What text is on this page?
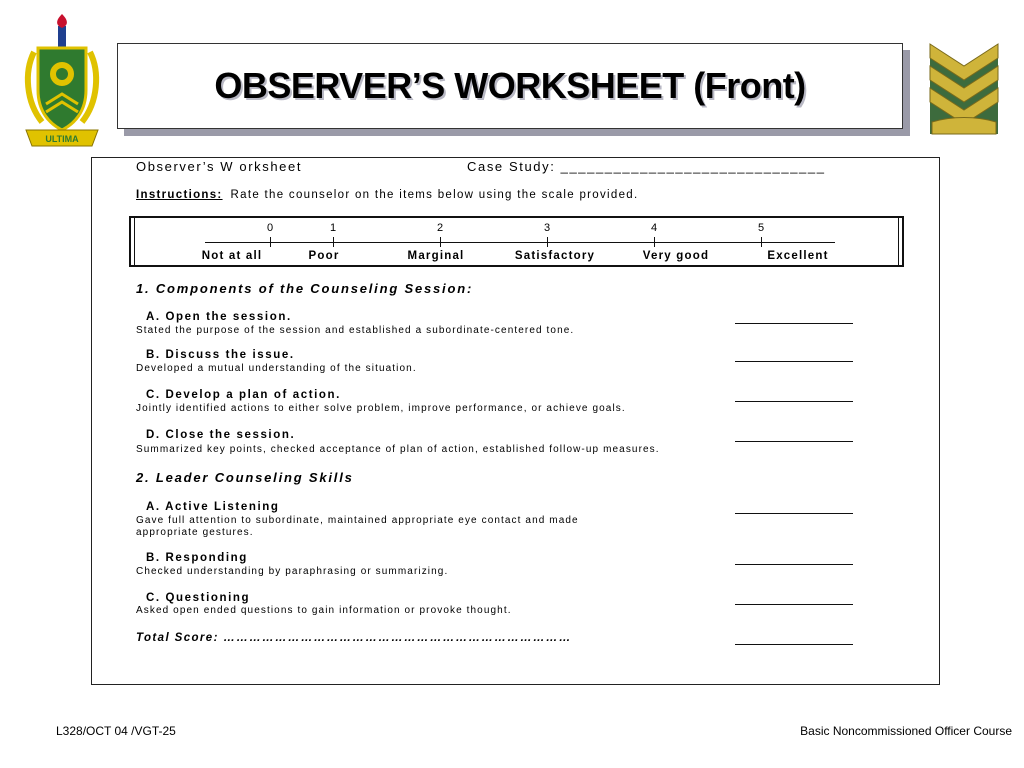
ULTIMA
OBSERVER’S WORKSHEET (Front)
Observer’s W orksheet	Case Study: ______________________________
Instructions: Rate the counselor on the items below using the scale provided.
0	1	2	3	4	5
Not at all	Poor	Marginal	Satisfactory	Very good	Excellent
1. Components of the Counseling Session:
A. Open the session.
Stated the purpose of the session and established a subordinate-centered tone.
B. Discuss the issue.
Developed a mutual understanding of the situation.
C. Develop a plan of action.
Jointly identified actions to either solve problem, improve performance, or achieve goals.
D. Close the session.
Summarized key points, checked acceptance of plan of action, established follow-up measures.
2. Leader Counseling Skills
A. Active Listening
Gave full attention to subordinate, maintained appropriate eye contact and made
appropriate gestures.
B. Responding
Checked understanding by paraphrasing or summarizing.
C. Questioning
Asked open ended questions to gain information or provoke thought.
Total Score: ………………………………………………………………………
L328/OCT 04 /VGT-25	Basic Noncommissioned Officer Course
